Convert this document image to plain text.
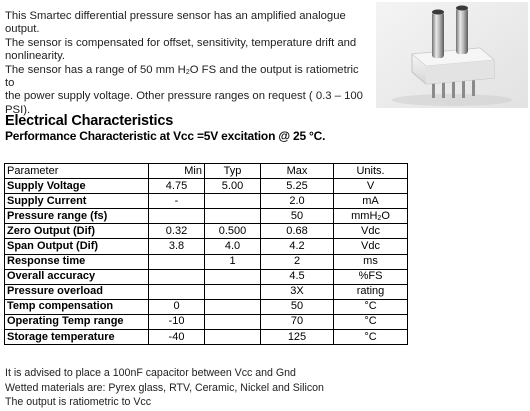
This Smartec differential pressure sensor has an amplified analogue output.

The sensor is compensated for offset, sensitivity, temperature drift and

nonlinearity.

The sensor has a range of 50 mm $H_2O$ FS and the output is ratiometric to

the power supply voltage. Other pressure ranges on request ( 0.3 – 100

PSI).

Electrical Characteristics
Performance Characteristic at Vcc =5V excitation @ 25 °C.
Parameter	Min	Typ	Max	Units.
Supply Voltage	4.75	5.00	5.25	V
Supply Current	-		2.0	mA
Pressure range (fs)			50	mmH$_2$O
Zero Output (Dif)	0.32	0.500	0.68	Vdc
Span Output (Dif)	3.8	4.0	4.2	Vdc
Response time		1	2	ms
Overall accuracy			4.5	%FS
Pressure overload			3X	rating
Temp compensation	0		50	°C
Operating Temp range	-10		70	°C
Storage temperature	-40		125	°C

It is advised to place a 100nF capacitor between Vcc and Gnd

Wetted materials are: Pyrex glass, RTV, Ceramic, Nickel and Silicon

The output is ratiometric to Vcc
